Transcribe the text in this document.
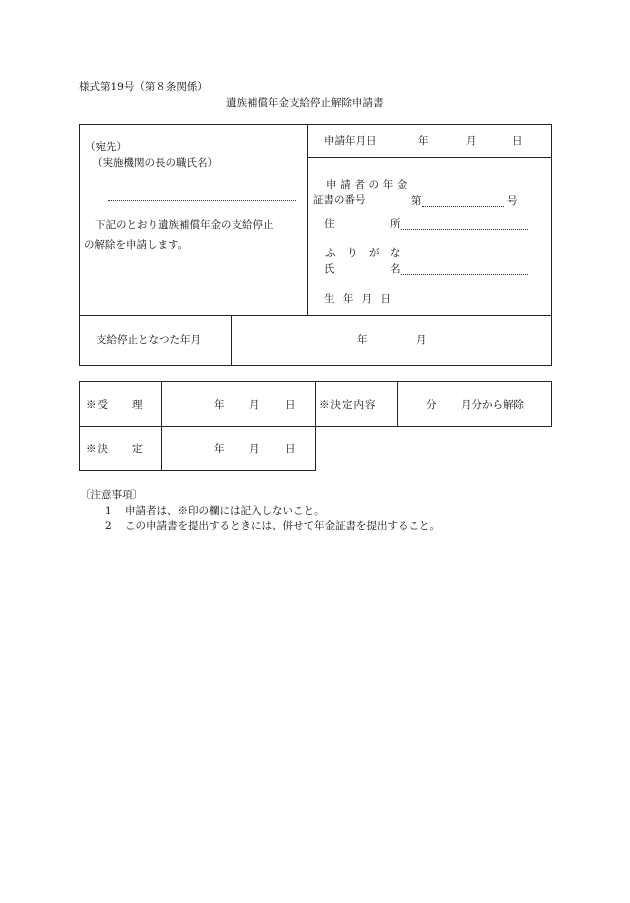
様式第19号（第８条関係）
遺族補償年金支給停止解除申請書
（宛先）
（実施機関の長の職氏名）
下記のとおり遺族補償年金の支給停止
の解除を申請します。
申請年月日	年	月	日
申請者の年金
証書の番号	第	号
住	所
ふ り が な
氏	名
生 年 月 日
支給停止となつた年月	年	月
※受　　理	年 月 日 ※決定内容	分 月分から解除
※決　　定	年 月 日
〔注意事項〕
1 申請者は、※印の欄には記入しないこと。
2 この申請書を提出するときには、併せて年金証書を提出すること。
